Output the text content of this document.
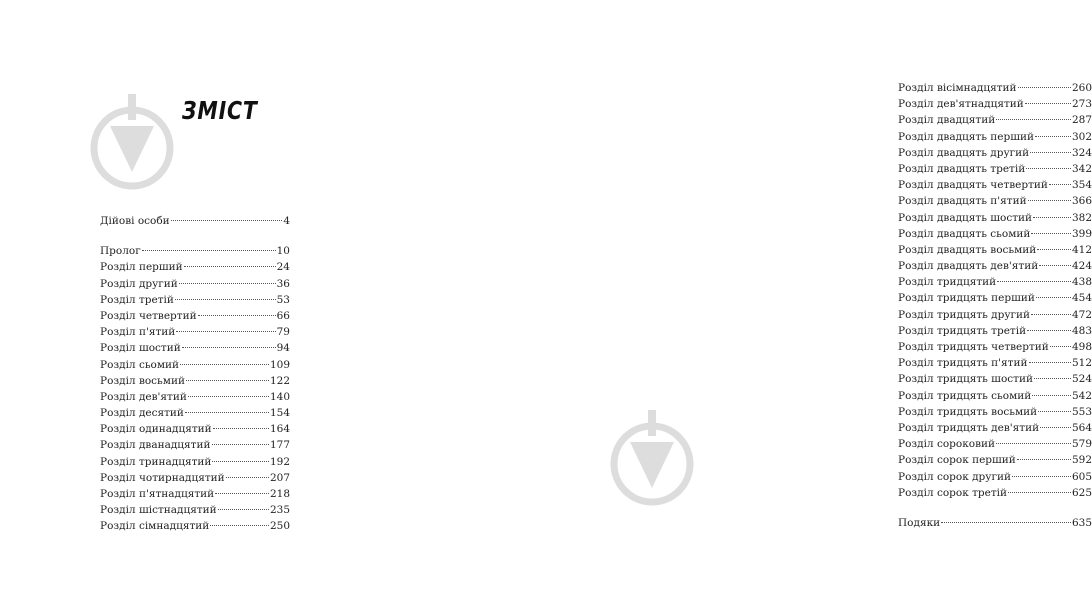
ЗМІСТ
Дійові особи	4
Пролог	10
Розділ перший	24
Розділ другий	36
Розділ третій	53
Розділ четвертий	66
Розділ п'ятий	79
Розділ шостий	94
Розділ сьомий	109
Розділ восьмий	122
Розділ дев'ятий	140
Розділ десятий	154
Розділ одинадцятий	164
Розділ дванадцятий	177
Розділ тринадцятий	192
Розділ чотирнадцятий	207
Розділ п'ятнадцятий	218
Розділ шістнадцятий	235
Розділ сімнадцятий	250
Розділ вісімнадцятий	260
Розділ дев'ятнадцятий	273
Розділ двадцятий	287
Розділ двадцять перший	302
Розділ двадцять другий	324
Розділ двадцять третій	342
Розділ двадцять четвертий 354
Розділ двадцять п'ятий	366
Розділ двадцять шостий	382
Розділ двадцять сьомий	399
Розділ двадцять восьмий	412
Розділ двадцять дев'ятий	424
Розділ тридцятий	438
Розділ тридцять перший	454
Розділ тридцять другий	472
Розділ тридцять третій	483
Розділ тридцять четвертий 498
Розділ тридцять п'ятий	512
Розділ тридцять шостий	524
Розділ тридцять сьомий	542
Розділ тридцять восьмий	553
Розділ тридцять дев'ятий	564
Розділ сороковий	579
Розділ сорок перший	592
Розділ сорок другий	605
Розділ сорок третій	625
Подяки	635
